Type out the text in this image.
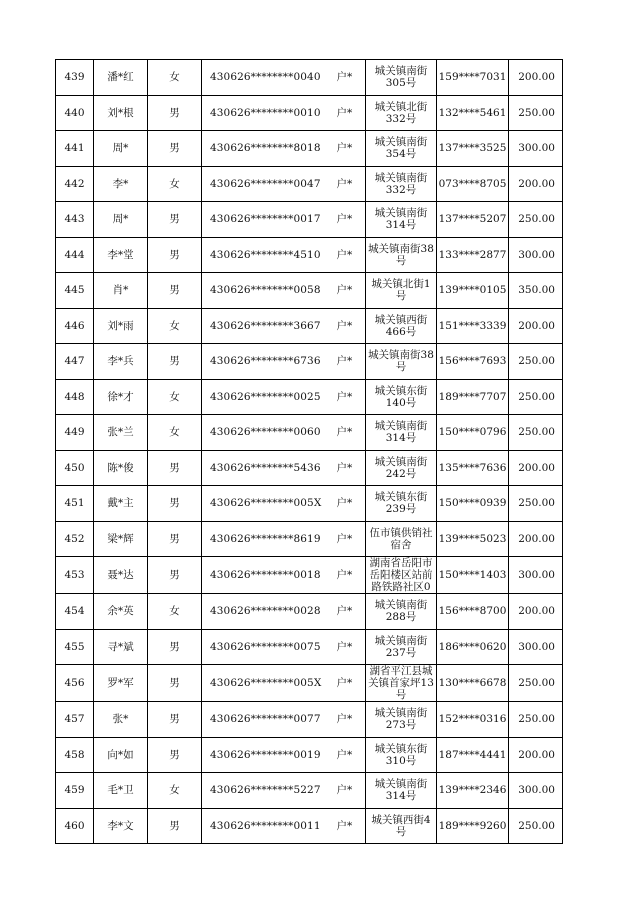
439	潘*红	女	430626********0040	户*	城关镇南街305号	159****7031	200.00
440	刘*根	男	430626********0010	户*	城关镇北街332号	132****5461	250.00
441	周*	男	430626********8018	户*	城关镇南街354号	137****3525	300.00
442	李*	女	430626********0047	户*	城关镇南街332号	073****8705	200.00
443	周*	男	430626********0017	户*	城关镇南街314号	137****5207	250.00
444	李*堂	男	430626********4510	户*	城关镇南街38号	133****2877	300.00
445	肖*	男	430626********0058	户*	城关镇北街1号	139****0105	350.00
446	刘*雨	女	430626********3667	户*	城关镇西街466号	151****3339	200.00
447	李*兵	男	430626********6736	户*	城关镇南街38号	156****7693	250.00
448	徐*才	女	430626********0025	户*	城关镇东街140号	189****7707	250.00
449	张*兰	女	430626********0060	户*	城关镇南街314号	150****0796	250.00
450	陈*俊	男	430626********5436	户*	城关镇南街242号	135****7636	200.00
451	戴*主	男	430626********005X	户*	城关镇东街239号	150****0939	250.00
452	梁*辉	男	430626********8619	户*	伍市镇供销社宿舍	139****5023	200.00
453	聂*达	男	430626********0018	户*	湖南省岳阳市岳阳楼区站前路铁路社区0	150****1403	300.00
454	余*英	女	430626********0028	户*	城关镇南街288号	156****8700	200.00
455	寻*斌	男	430626********0075	户*	城关镇南街237号	186****0620	300.00
456	罗*军	男	430626********005X	户*	湖省平江县城关镇首家坪13号	130****6678	250.00
457	张*	男	430626********0077	户*	城关镇南街273号	152****0316	250.00
458	向*如	男	430626********0019	户*	城关镇东街310号	187****4441	200.00
459	毛*卫	女	430626********5227	户*	城关镇南街314号	139****2346	300.00
460	李*文	男	430626********0011	户*	城关镇西街4号	189****9260	250.00
